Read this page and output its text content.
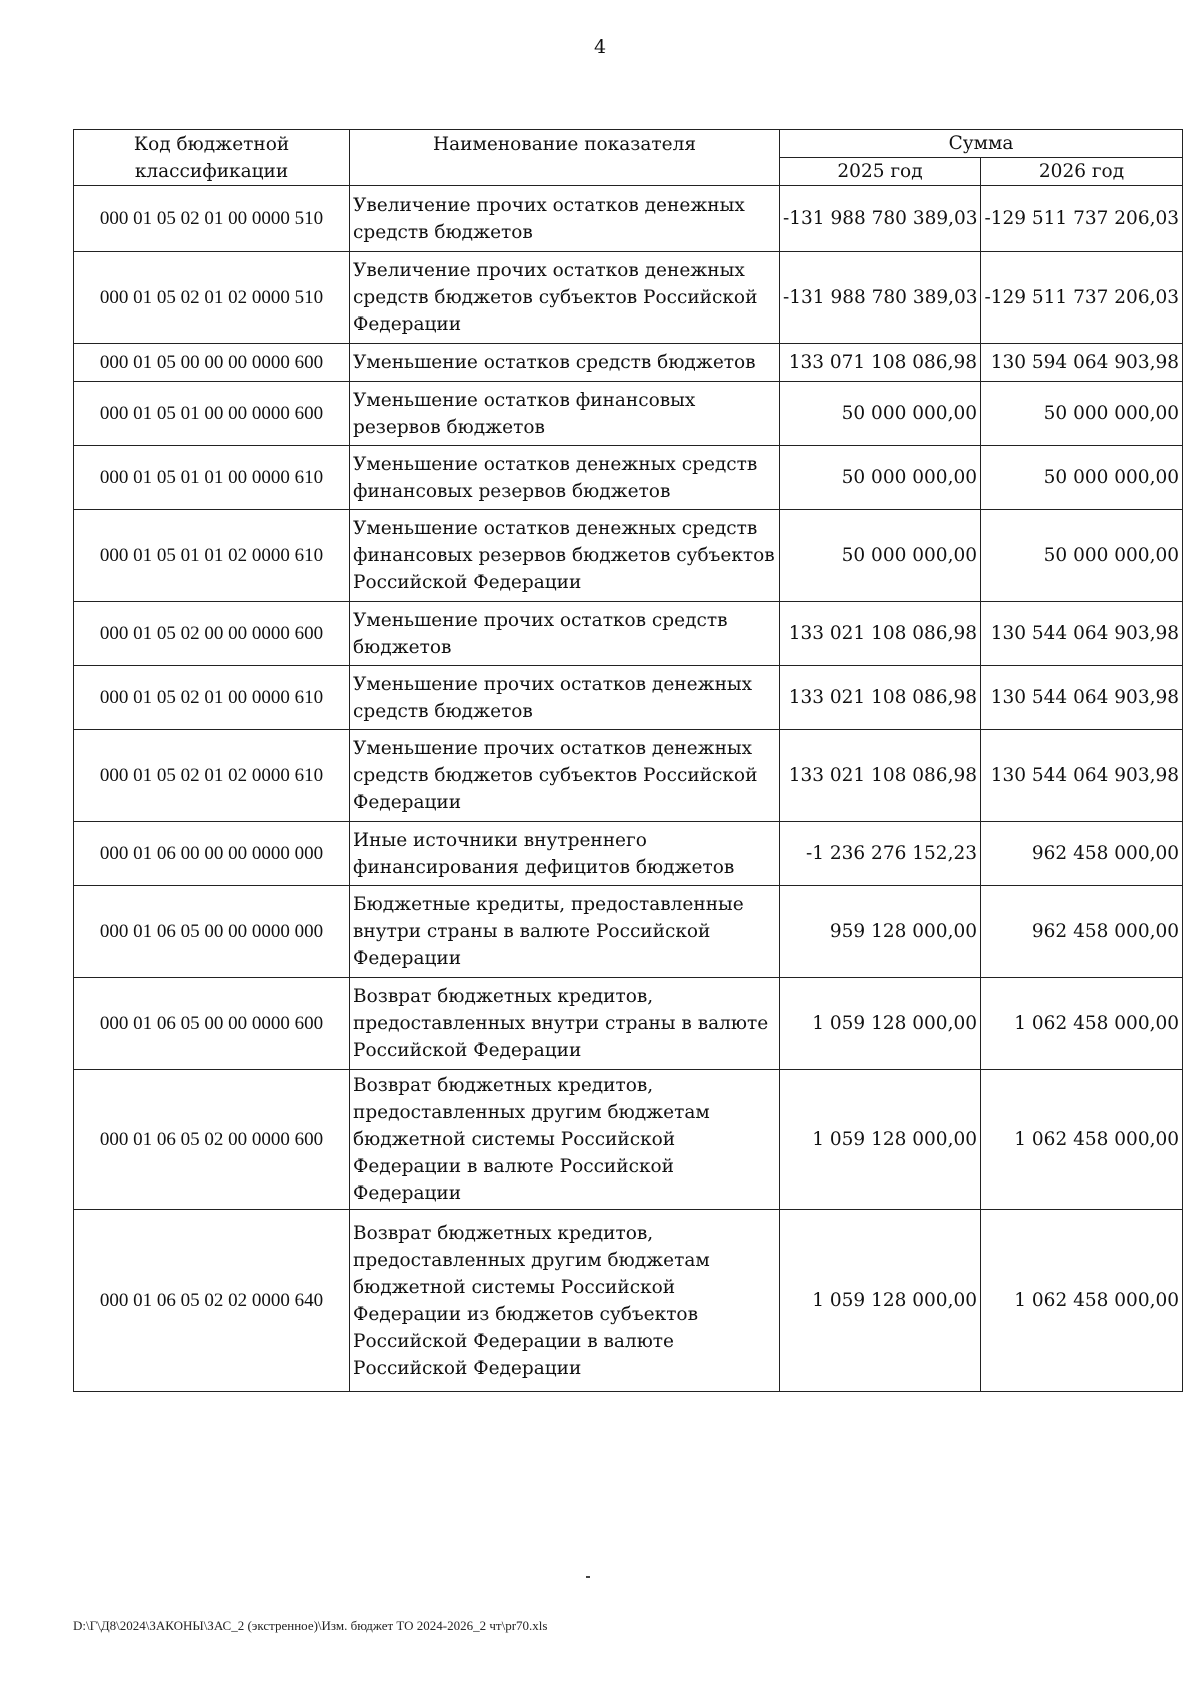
4
Код бюджетной классификации	Наименование показателя	Сумма	
		2025 год	2026 год
000 01 05 02 01 00 0000 510	Увеличение прочих остатков денежных средств бюджетов	-131 988 780 389,03	-129 511 737 206,03
000 01 05 02 01 02 0000 510	Увеличение прочих остатков денежных средств бюджетов субъектов Российской Федерации	-131 988 780 389,03	-129 511 737 206,03
000 01 05 00 00 00 0000 600	Уменьшение остатков средств бюджетов	133 071 108 086,98	130 594 064 903,98
000 01 05 01 00 00 0000 600	Уменьшение остатков финансовых резервов бюджетов	50 000 000,00	50 000 000,00
000 01 05 01 01 00 0000 610	Уменьшение остатков денежных средств финансовых резервов бюджетов	50 000 000,00	50 000 000,00
000 01 05 01 01 02 0000 610	Уменьшение остатков денежных средств финансовых резервов бюджетов субъектов Российской Федерации	50 000 000,00	50 000 000,00
000 01 05 02 00 00 0000 600	Уменьшение прочих остатков средств бюджетов	133 021 108 086,98	130 544 064 903,98
000 01 05 02 01 00 0000 610	Уменьшение прочих остатков денежных средств бюджетов	133 021 108 086,98	130 544 064 903,98
000 01 05 02 01 02 0000 610	Уменьшение прочих остатков денежных средств бюджетов субъектов Российской Федерации	133 021 108 086,98	130 544 064 903,98
000 01 06 00 00 00 0000 000	Иные источники внутреннего финансирования дефицитов бюджетов	-1 236 276 152,23	962 458 000,00
000 01 06 05 00 00 0000 000	Бюджетные кредиты, предоставленные внутри страны в валюте Российской Федерации	959 128 000,00	962 458 000,00
000 01 06 05 00 00 0000 600	Возврат бюджетных кредитов, предоставленных внутри страны в валюте Российской Федерации	1 059 128 000,00	1 062 458 000,00
000 01 06 05 02 00 0000 600	Возврат бюджетных кредитов, предоставленных другим бюджетам бюджетной системы Российской Федерации в валюте Российской Федерации	1 059 128 000,00	1 062 458 000,00
000 01 06 05 02 02 0000 640	Возврат бюджетных кредитов, предоставленных другим бюджетам бюджетной системы Российской Федерации из бюджетов субъектов Российской Федерации в валюте Российской Федерации	1 059 128 000,00	1 062 458 000,00
D:\Г\Д8\2024\ЗАКОНЫ\ЗАС_2 (экстренное)\Изм. бюджет ТО 2024-2026_2 чт\pr70.xls
